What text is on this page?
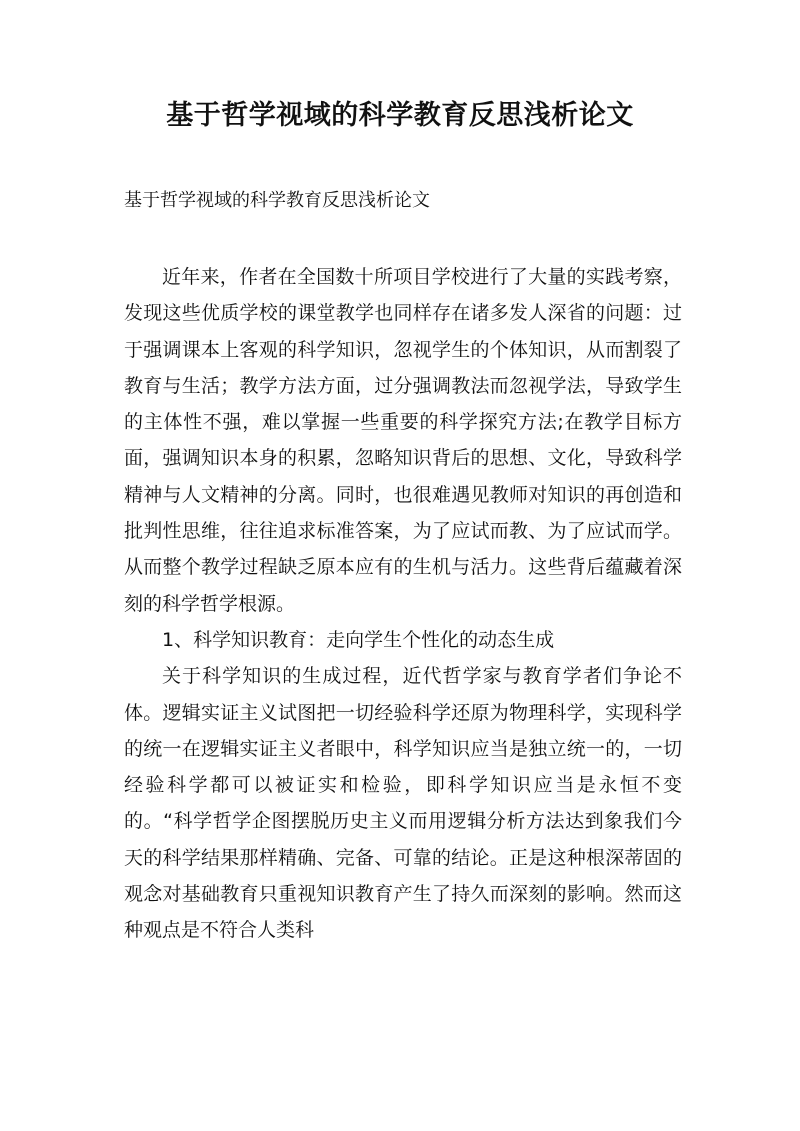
基于哲学视域的科学教育反思浅析论文

基于哲学视域的科学教育反思浅析论文

近年来，作者在全国数十所项目学校进行了大量的实践考察，发现这些优质学校的课堂教学也同样存在诸多发人深省的问题：过于强调课本上客观的科学知识，忽视学生的个体知识，从而割裂了教育与生活；教学方法方面，过分强调教法而忽视学法，导致学生的主体性不强，难以掌握一些重要的科学探究方法;在教学目标方面，强调知识本身的积累，忽略知识背后的思想、文化，导致科学精神与人文精神的分离。同时，也很难遇见教师对知识的再创造和批判性思维，往往追求标准答案，为了应试而教、为了应试而学。从而整个教学过程缺乏原本应有的生机与活力。这些背后蕴藏着深刻的科学哲学根源。

1、科学知识教育：走向学生个性化的动态生成

关于科学知识的生成过程，近代哲学家与教育学者们争论不体。逻辑实证主义试图把一切经验科学还原为物理科学，实现科学的统一在逻辑实证主义者眼中，科学知识应当是独立统一的，一切经验科学都可以被证实和检验，即科学知识应当是永恒不变的。“科学哲学企图摆脱历史主义而用逻辑分析方法达到象我们今天的科学结果那样精确、完备、可靠的结论。正是这种根深蒂固的观念对基础教育只重视知识教育产生了持久而深刻的影响。然而这种观点是不符合人类科
